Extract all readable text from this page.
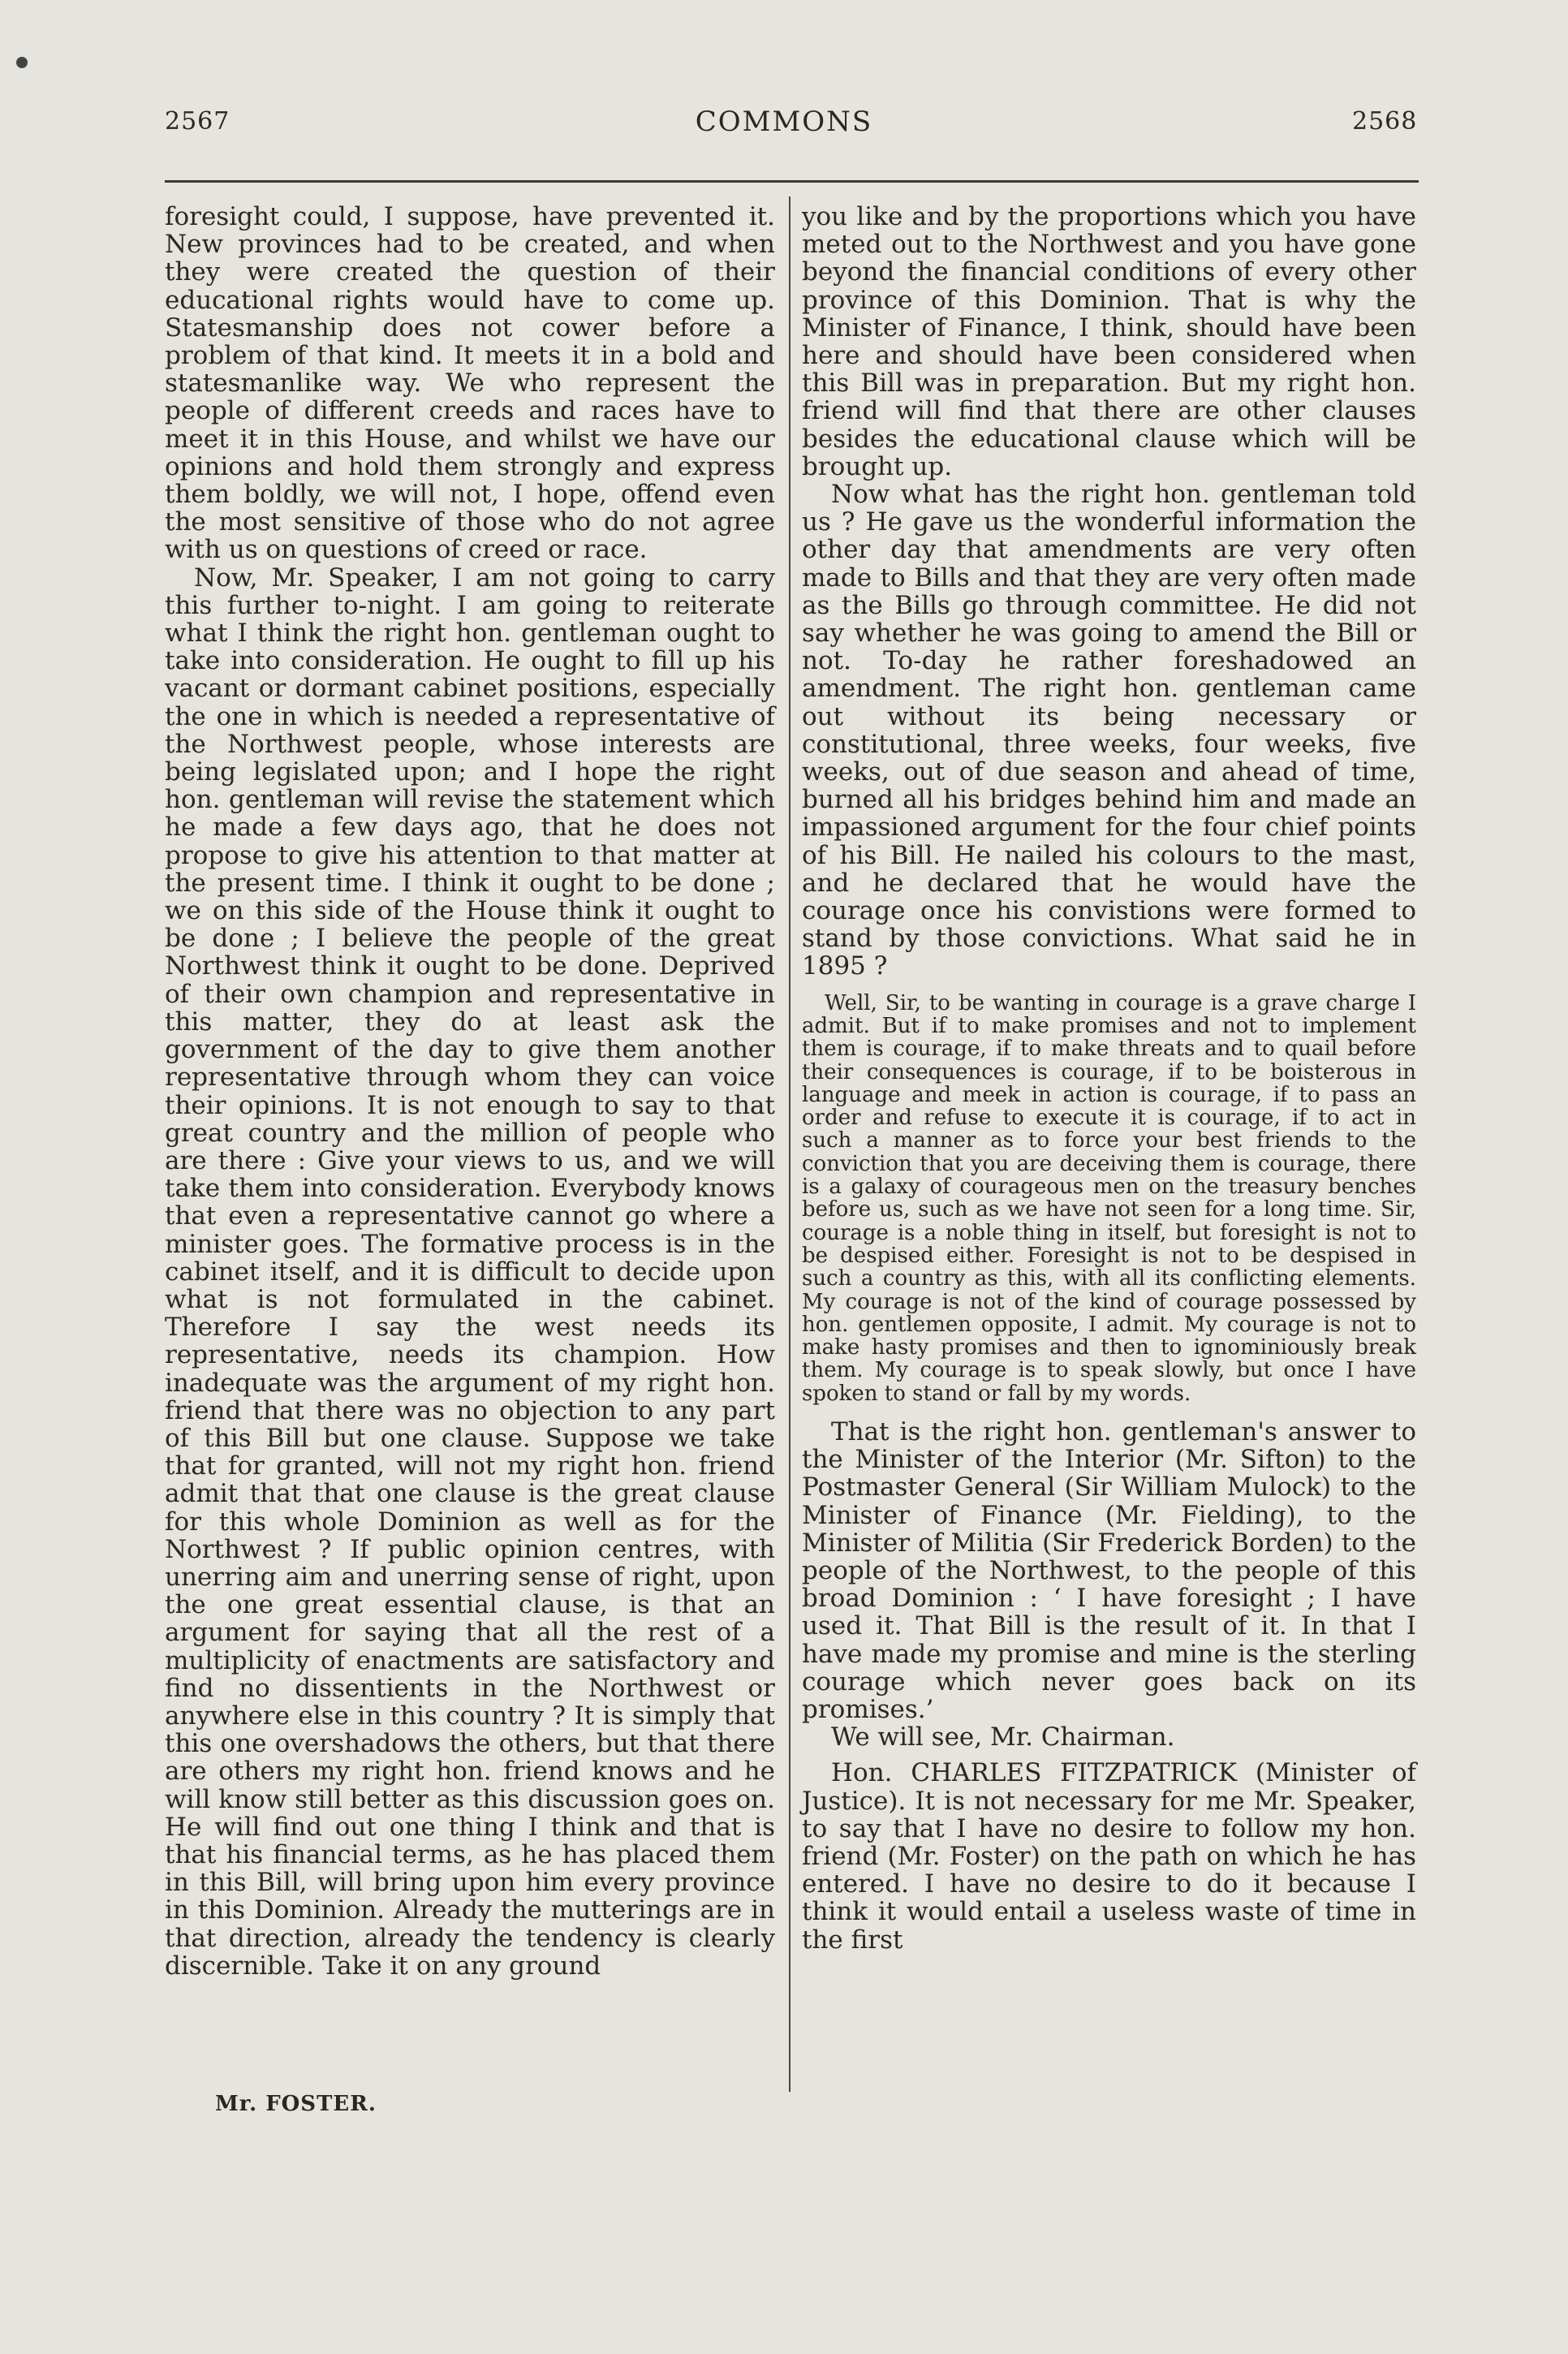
2567	COMMONS	2568

foresight could, I suppose, have prevented it. New provinces had to be created, and when they were created the question of their educational rights would have to come up. Statesmanship does not cower before a problem of that kind. It meets it in a bold and statesmanlike way. We who represent the people of different creeds and races have to meet it in this House, and whilst we have our opinions and hold them strongly and express them boldly, we will not, I hope, offend even the most sensitive of those who do not agree with us on questions of creed or race.

Now, Mr. Speaker, I am not going to carry this further to-night. I am going to reiterate what I think the right hon. gentleman ought to take into consideration. He ought to fill up his vacant or dormant cabinet positions, especially the one in which is needed a representative of the Northwest people, whose interests are being legislated upon; and I hope the right hon. gentleman will revise the statement which he made a few days ago, that he does not propose to give his attention to that matter at the present time. I think it ought to be done ; we on this side of the House think it ought to be done ; I believe the people of the great Northwest think it ought to be done. Deprived of their own champion and representative in this matter, they do at least ask the government of the day to give them another representative through whom they can voice their opinions. It is not enough to say to that great country and the million of people who are there : Give your views to us, and we will take them into consideration. Everybody knows that even a representative cannot go where a minister goes. The formative process is in the cabinet itself, and it is difficult to decide upon what is not formulated in the cabinet. Therefore I say the west needs its representative, needs its champion. How inadequate was the argument of my right hon. friend that there was no objection to any part of this Bill but one clause. Suppose we take that for granted, will not my right hon. friend admit that that one clause is the great clause for this whole Dominion as well as for the Northwest ? If public opinion centres, with unerring aim and unerring sense of right, upon the one great essential clause, is that an argument for saying that all the rest of a multiplicity of enactments are satisfactory and find no dissentients in the Northwest or anywhere else in this country ? It is simply that this one overshadows the others, but that there are others my right hon. friend knows and he will know still better as this discussion goes on. He will find out one thing I think and that is that his financial terms, as he has placed them in this Bill, will bring upon him every province in this Dominion. Already the mutterings are in that direction, already the tendency is clearly discernible. Take it on any ground

you like and by the proportions which you have meted out to the Northwest and you have gone beyond the financial conditions of every other province of this Dominion. That is why the Minister of Finance, I think, should have been here and should have been considered when this Bill was in preparation. But my right hon. friend will find that there are other clauses besides the educational clause which will be brought up.

Now what has the right hon. gentleman told us ? He gave us the wonderful information the other day that amendments are very often made to Bills and that they are very often made as the Bills go through committee. He did not say whether he was going to amend the Bill or not. To-day he rather foreshadowed an amendment. The right hon. gentleman came out without its being necessary or constitutional, three weeks, four weeks, five weeks, out of due season and ahead of time, burned all his bridges behind him and made an impassioned argument for the four chief points of his Bill. He nailed his colours to the mast, and he declared that he would have the courage once his convistions were formed to stand by those convictions. What said he in 1895 ?

Well, Sir, to be wanting in courage is a grave charge I admit. But if to make promises and not to implement them is courage, if to make threats and to quail before their consequences is courage, if to be boisterous in language and meek in action is courage, if to pass an order and refuse to execute it is courage, if to act in such a manner as to force your best friends to the conviction that you are deceiving them is courage, there is a galaxy of courageous men on the treasury benches before us, such as we have not seen for a long time. Sir, courage is a noble thing in itself, but foresight is not to be despised either. Foresight is not to be despised in such a country as this, with all its conflicting elements. My courage is not of the kind of courage possessed by hon. gentlemen opposite, I admit. My courage is not to make hasty promises and then to ignominiously break them. My courage is to speak slowly, but once I have spoken to stand or fall by my words.

That is the right hon. gentleman's answer to the Minister of the Interior (Mr. Sifton) to the Postmaster General (Sir William Mulock) to the Minister of Finance (Mr. Fielding), to the Minister of Militia (Sir Frederick Borden) to the people of the Northwest, to the people of this broad Dominion : ‘ I have foresight ; I have used it. That Bill is the result of it. In that I have made my promise and mine is the sterling courage which never goes back on its promises.’

We will see, Mr. Chairman.

Hon. CHARLES FITZPATRICK (Minister of Justice). It is not necessary for me Mr. Speaker, to say that I have no desire to follow my hon. friend (Mr. Foster) on the path on which he has entered. I have no desire to do it because I think it would entail a useless waste of time in the first

Mr. FOSTER.
